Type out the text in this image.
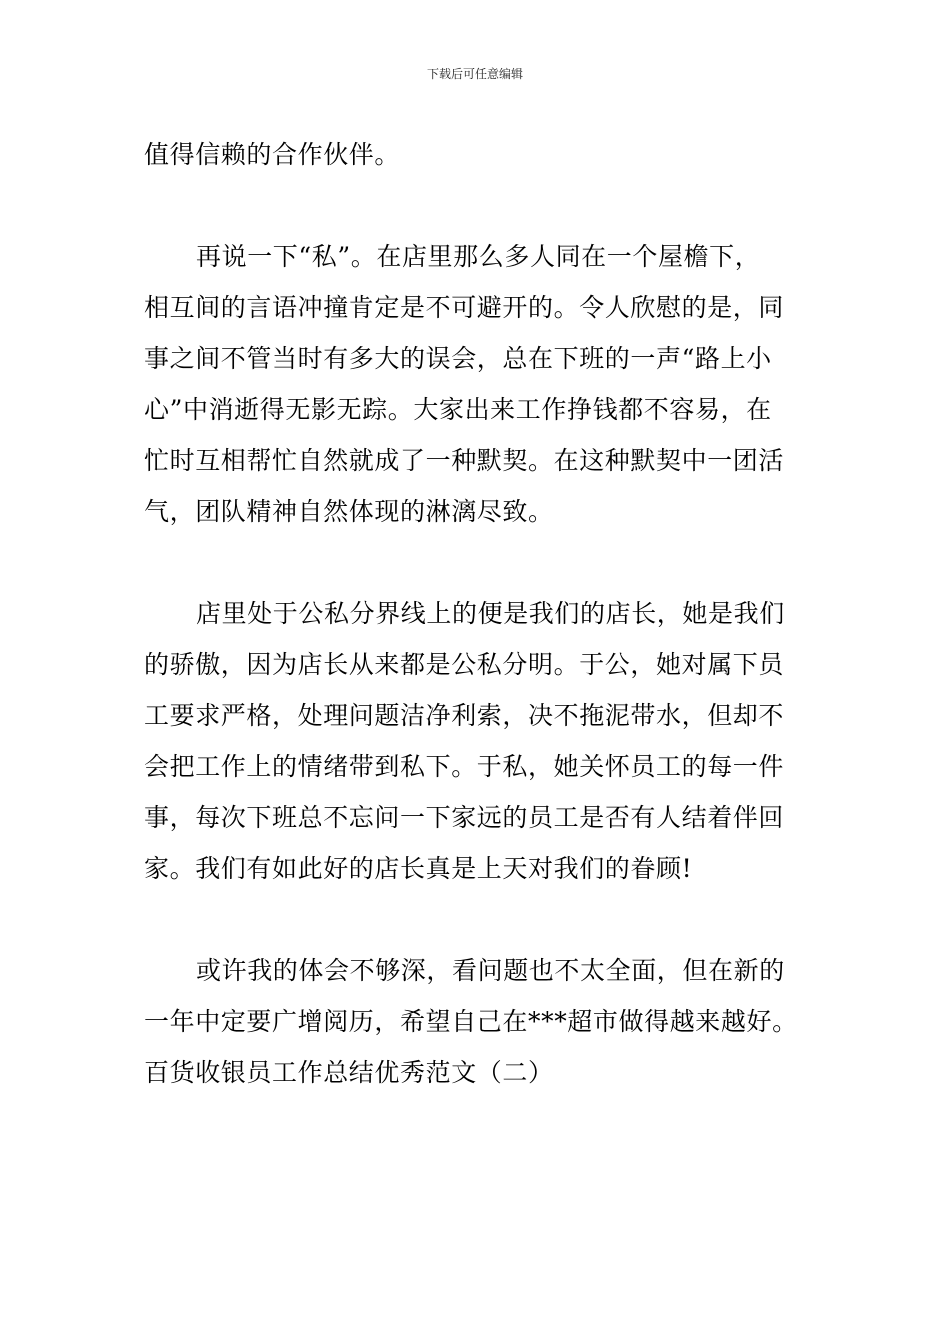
下载后可任意编辑
值得信赖的合作伙伴。
再说一下“私”。在店里那么多人同在一个屋檐下，
相互间的言语冲撞肯定是不可避开的。令人欣慰的是，同
事之间不管当时有多大的误会，总在下班的一声“路上小
心”中消逝得无影无踪。大家出来工作挣钱都不容易，在
忙时互相帮忙自然就成了一种默契。在这种默契中一团活
气，团队精神自然体现的淋漓尽致。
店里处于公私分界线上的便是我们的店长，她是我们
的骄傲，因为店长从来都是公私分明。于公，她对属下员
工要求严格，处理问题洁净利索，决不拖泥带水，但却不
会把工作上的情绪带到私下。于私，她关怀员工的每一件
事，每次下班总不忘问一下家远的员工是否有人结着伴回
家。我们有如此好的店长真是上天对我们的眷顾!
或许我的体会不够深，看问题也不太全面，但在新的
一年中定要广增阅历，希望自己在***超市做得越来越好。
百货收银员工作总结优秀范文（二）
